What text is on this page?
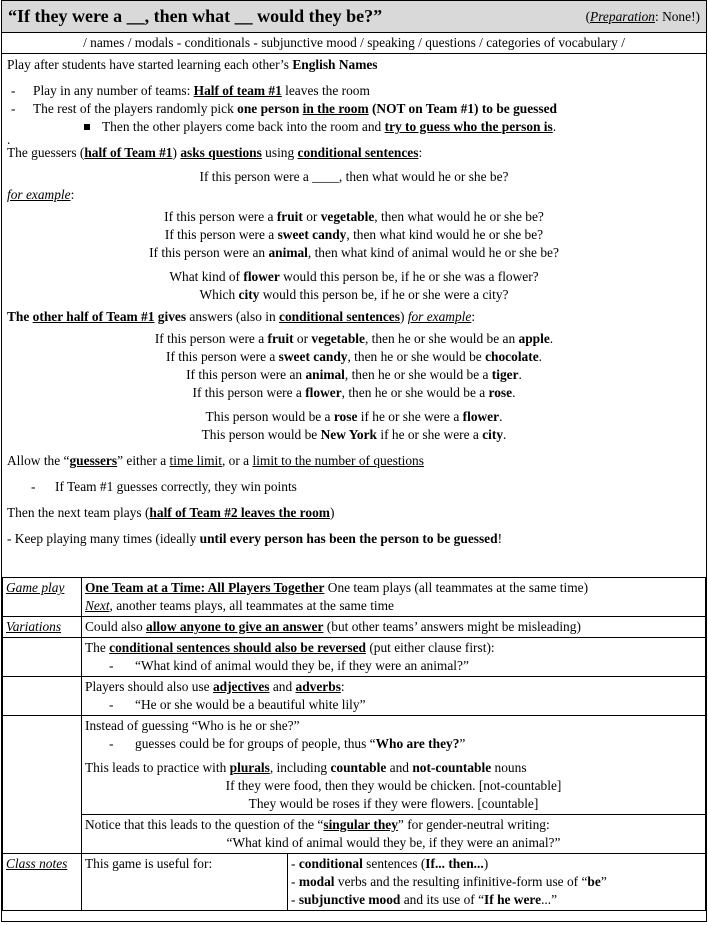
“If they were a __, then what __ would they be?”	(Preparation: None!)
/ names / modals - conditionals - subjunctive mood / speaking / questions / categories of vocabulary /
Play after students have started learning each other’s English Names
- Play in any number of teams: Half of team #1 leaves the room
- The rest of the players randomly pick one person in the room (NOT on Team #1) to be guessed
Then the other players come back into the room and try to guess who the person is.
.
The guessers (half of Team #1) asks questions using conditional sentences:
If this person were a ____, then what would he or she be?
for example:
If this person were a fruit or vegetable, then what would he or she be?
If this person were a sweet candy, then what kind would he or she be?
If this person were an animal, then what kind of animal would he or she be?
What kind of flower would this person be, if he or she was a flower?
Which city would this person be, if he or she were a city?
The other half of Team #1 gives answers (also in conditional sentences) for example:
If this person were a fruit or vegetable, then he or she would be an apple.
If this person were a sweet candy, then he or she would be chocolate.
If this person were an animal, then he or she would be a tiger.
If this person were a flower, then he or she would be a rose.
This person would be a rose if he or she were a flower.
This person would be New York if he or she were a city.
Allow the “guessers” either a time limit, or a limit to the number of questions
- If Team #1 guesses correctly, they win points
Then the next team plays (half of Team #2 leaves the room)
- Keep playing many times (ideally until every person has been the person to be guessed!
Game play	One Team at a Time: All Players Together One team plays (all teammates at the same time)
Next, another teams plays, all teammates at the same time	

Variations	Could also allow anyone to give an answer (but other teams’ answers might be misleading)	

	The conditional sentences should also be reversed (put either clause first):
- “What kind of animal would they be, if they were an animal?”	

	Players should also use adjectives and adverbs:
- “He or she would be a beautiful white lily”	

	Instead of guessing “Who is he or she?”
- guesses could be for groups of people, thus “Who are they?”
This leads to practice with plurals, including countable and not-countable nouns
If they were food, then they would be chicken. [not-countable]
They would be roses if they were flowers. [countable]	

	Notice that this leads to the question of the “singular they” for gender-neutral writing:
“What kind of animal would they be, if they were an animal?”	

Class notes	This game is useful for:	- conditional sentences (If... then...)
- modal verbs and the resulting infinitive-form use of “be”
- subjunctive mood and its use of “If he were...”
